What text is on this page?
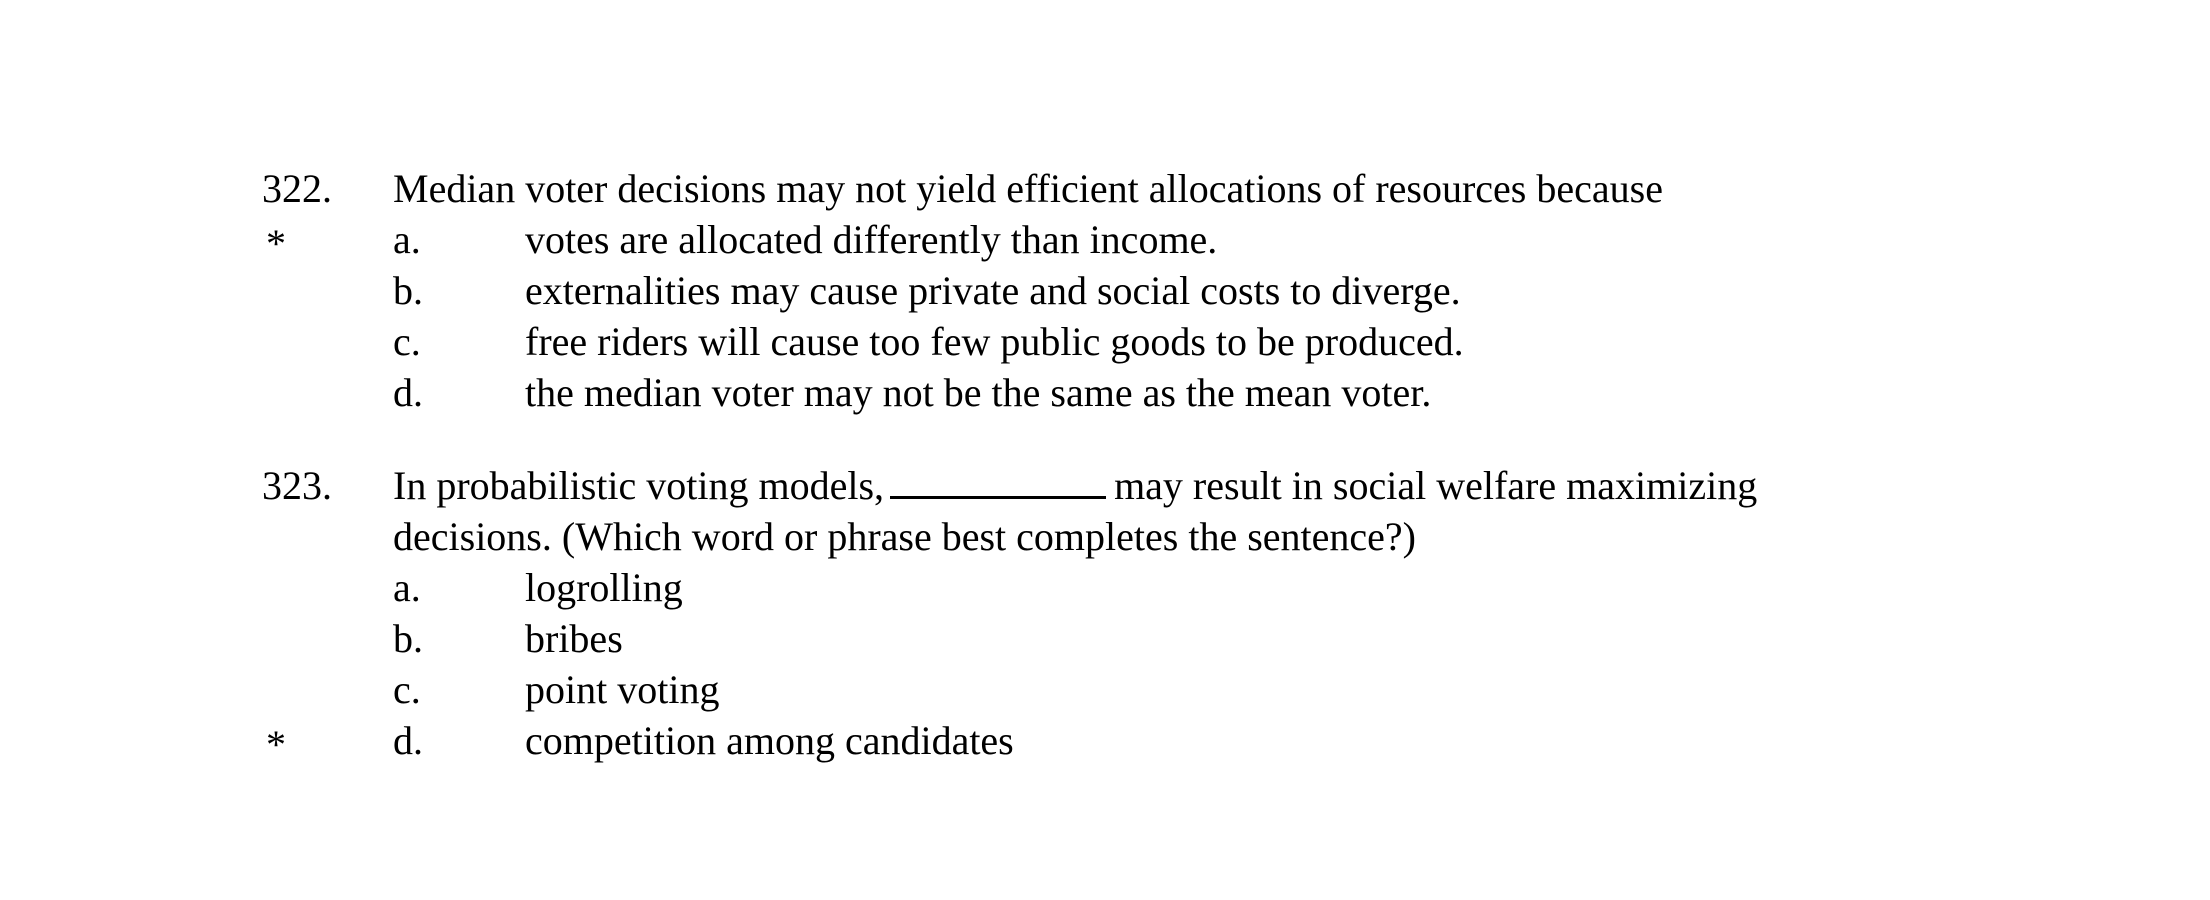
322. Median voter decisions may not yield efficient allocations of resources because
*	a.	votes are allocated differently than income.
b.	externalities may cause private and social costs to diverge.
c.	free riders will cause too few public goods to be produced.
d.	the median voter may not be the same as the mean voter.
323. In probabilistic voting models,	may result in social welfare maximizing
decisions. (Which word or phrase best completes the sentence?)
a.	logrolling
b.	bribes
c.	point voting
*	d.	competition among candidates
